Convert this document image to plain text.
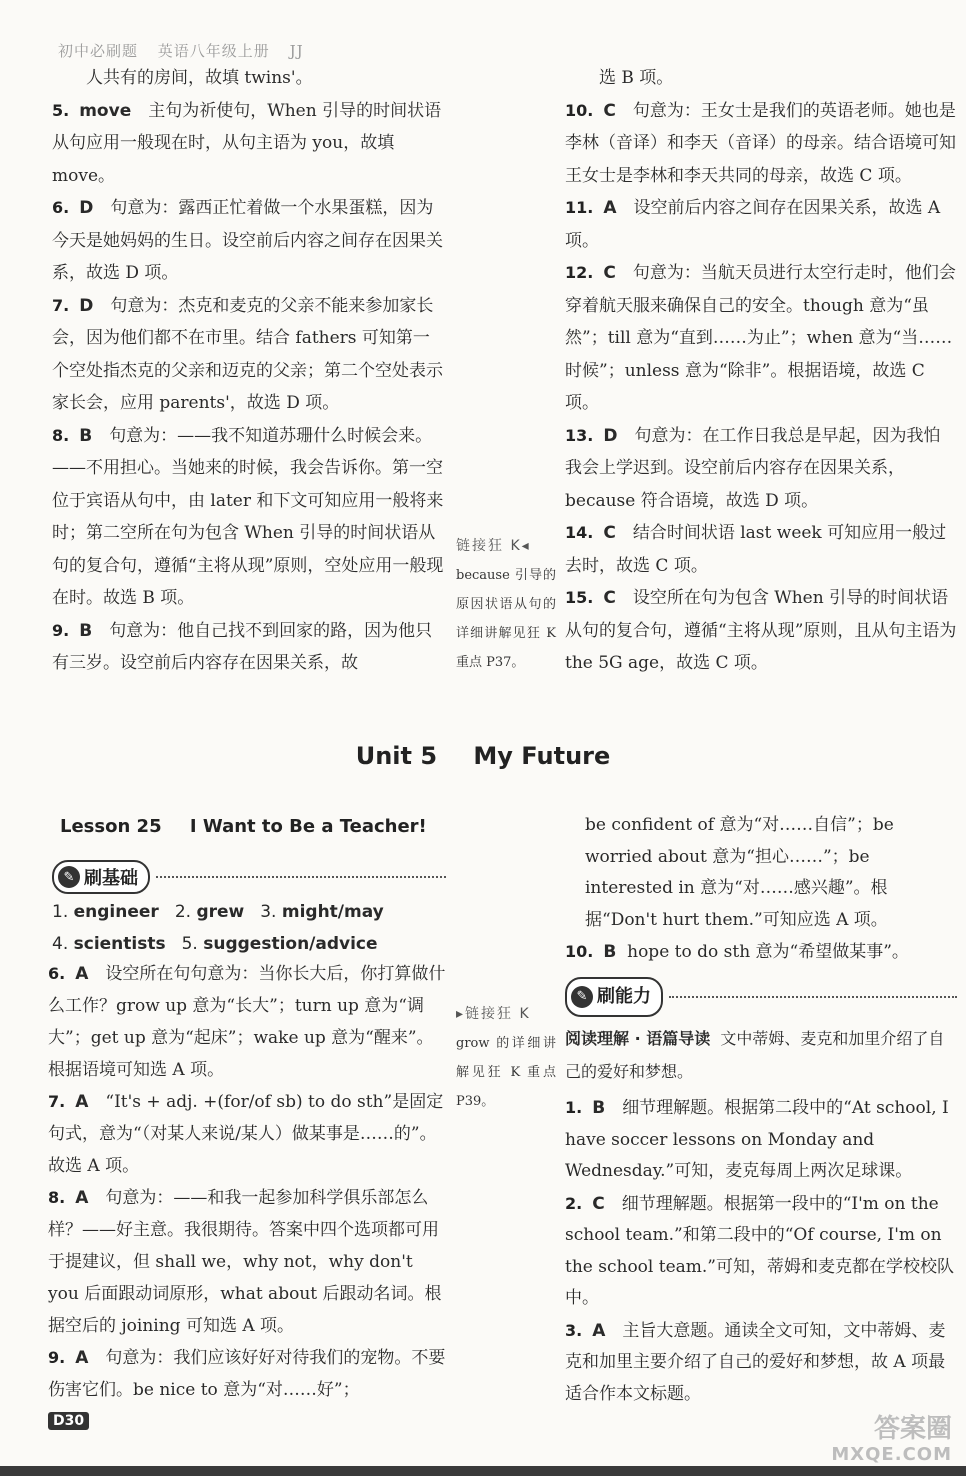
初中必刷题 英语八年级上册 JJ
人共有的房间，故填 twins'。
5. move 主句为祈使句，When 引导的时间状语从句应用一般现在时，从句主语为 you，故填 move。
6. D 句意为：露西正忙着做一个水果蛋糕，因为今天是她妈妈的生日。设空前后内容之间存在因果关系，故选 D 项。
7. D 句意为：杰克和麦克的父亲不能来参加家长会，因为他们都不在市里。结合 fathers 可知第一个空处指杰克的父亲和迈克的父亲；第二个空处表示家长会，应用 parents'，故选 D 项。
8. B 句意为：——我不知道苏珊什么时候会来。——不用担心。当她来的时候，我会告诉你。第一空位于宾语从句中，由 later 和下文可知应用一般将来时；第二空所在句为包含 When 引导的时间状语从句的复合句，遵循“主将从现”原则，空处应用一般现在时。故选 B 项。
9. B 句意为：他自己找不到回家的路，因为他只有三岁。设空前后内容存在因果关系，故
选 B 项。
10. C 句意为：王女士是我们的英语老师。她也是李林（音译）和李天（音译）的母亲。结合语境可知王女士是李林和李天共同的母亲，故选 C 项。
11. A 设空前后内容之间存在因果关系，故选 A 项。
12. C 句意为：当航天员进行太空行走时，他们会穿着航天服来确保自己的安全。though 意为“虽然”；till 意为“直到……为止”；when 意为“当……时候”；unless 意为“除非”。根据语境，故选 C 项。
13. D 句意为：在工作日我总是早起，因为我怕我会上学迟到。设空前后内容存在因果关系，because 符合语境，故选 D 项。
14. C 结合时间状语 last week 可知应用一般过去时，故选 C 项。
15. C 设空所在句为包含 When 引导的时间状语从句的复合句，遵循“主将从现”原则，且从句主语为 the 5G age，故选 C 项。
链接狂 K◂
because 引导的原因状语从句的详细讲解见狂 K 重点 P37。
Unit 5 My Future
Lesson 25 I Want to Be a Teacher!
✎ 刷基础
1. engineer 2. grew 3. might/may
4. scientists 5. suggestion/advice
6. A 设空所在句句意为：当你长大后，你打算做什么工作？grow up 意为“长大”；turn up 意为“调大”；get up 意为“起床”；wake up 意为“醒来”。根据语境可知选 A 项。
7. A “It's + adj. +(for/of sb) to do sth”是固定句式，意为“（对某人来说/某人）做某事是……的”。故选 A 项。
8. A 句意为：——和我一起参加科学俱乐部怎么样？——好主意。我很期待。答案中四个选项都可用于提建议，但 shall we，why not，why don't you 后面跟动词原形，what about 后跟动名词。根据空后的 joining 可知选 A 项。
9. A 句意为：我们应该好好对待我们的宠物。不要伤害它们。be nice to 意为“对……好”；
▸链接狂 K
grow 的详细讲解见狂 K 重点 P39。
be confident of 意为“对……自信”；be worried about 意为“担心……”；be interested in 意为“对……感兴趣”。根据“Don't hurt them.”可知应选 A 项。
10. B hope to do sth 意为“希望做某事”。
✎ 刷能力
阅读理解 · 语篇导读 文中蒂姆、麦克和加里介绍了自己的爱好和梦想。
1. B 细节理解题。根据第二段中的“At school, I have soccer lessons on Monday and Wednesday.”可知，麦克每周上两次足球课。
2. C 细节理解题。根据第一段中的“I'm on the school team.”和第二段中的“Of course, I'm on the school team.”可知，蒂姆和麦克都在学校校队中。
3. A 主旨大意题。通读全文可知，文中蒂姆、麦克和加里主要介绍了自己的爱好和梦想，故 A 项最适合作本文标题。
D30	答案圈
MXQE.COM
